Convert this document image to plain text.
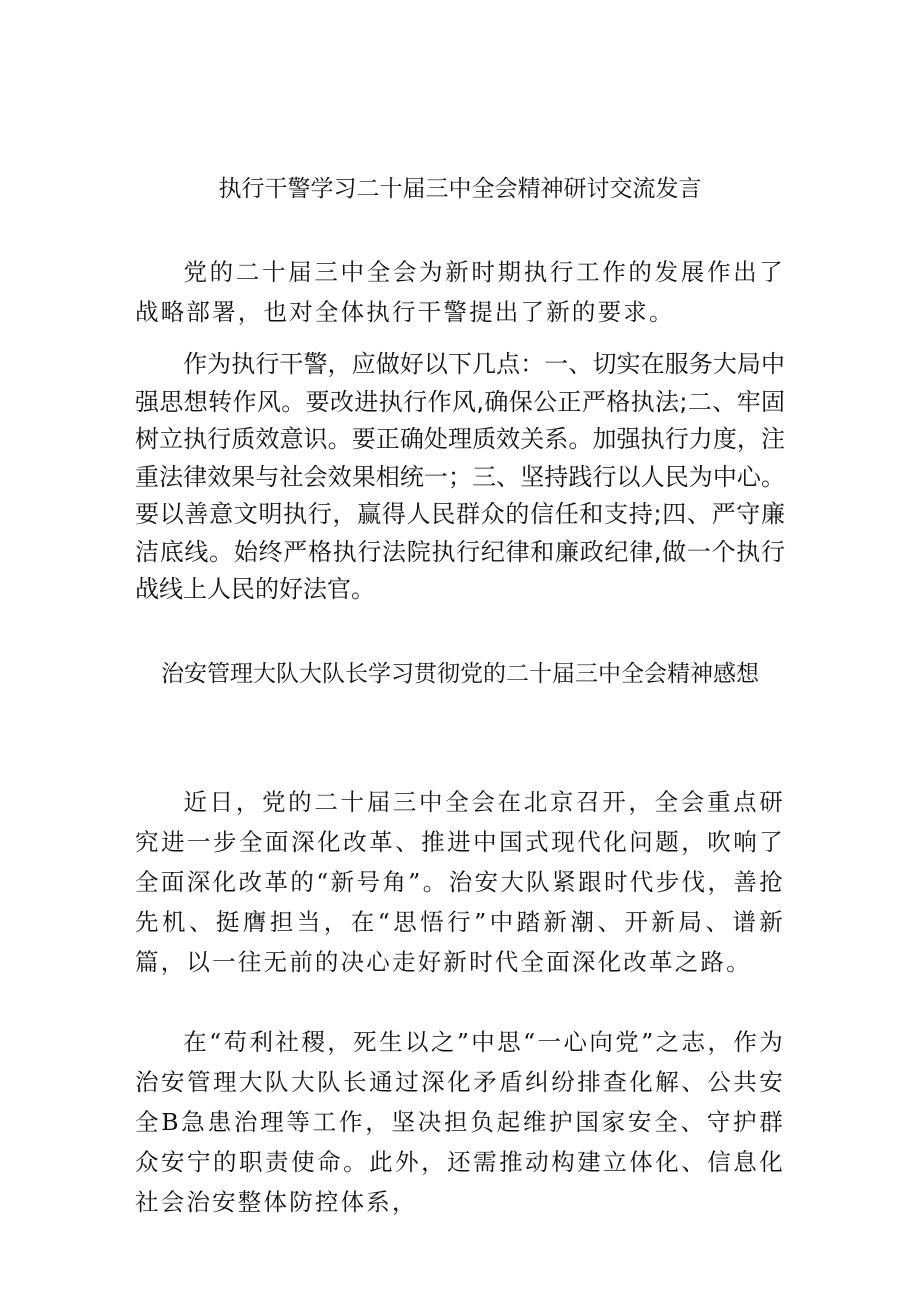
执行干警学习二十届三中全会精神研讨交流发言

党的二十届三中全会为新时期执行工作的发展作出了战略部署，也对全体执行干警提出了新的要求。

作为执行干警，应做好以下几点：一、切实在服务大局中强思想转作风。要改进执行作风,确保公正严格执法;二、牢固树立执行质效意识。要正确处理质效关系。加强执行力度，注重法律效果与社会效果相统一；三、坚持践行以人民为中心。要以善意文明执行，赢得人民群众的信任和支持;四、严守廉洁底线。始终严格执行法院执行纪律和廉政纪律,做一个执行战线上人民的好法官。

治安管理大队大队长学习贯彻党的二十届三中全会精神感想

近日，党的二十届三中全会在北京召开，全会重点研究进一步全面深化改革、推进中国式现代化问题，吹响了全面深化改革的“新号角”。治安大队紧跟时代步伐，善抢先机、挺膺担当，在“思悟行”中踏新潮、开新局、谱新篇，以一往无前的决心走好新时代全面深化改革之路。

在“苟利社稷，死生以之”中思“一心向党”之志，作为治安管理大队大队长通过深化矛盾纠纷排查化解、公共安全B急患治理等工作，坚决担负起维护国家安全、守护群众安宁的职责使命。此外，还需推动构建立体化、信息化社会治安整体防控体系，
